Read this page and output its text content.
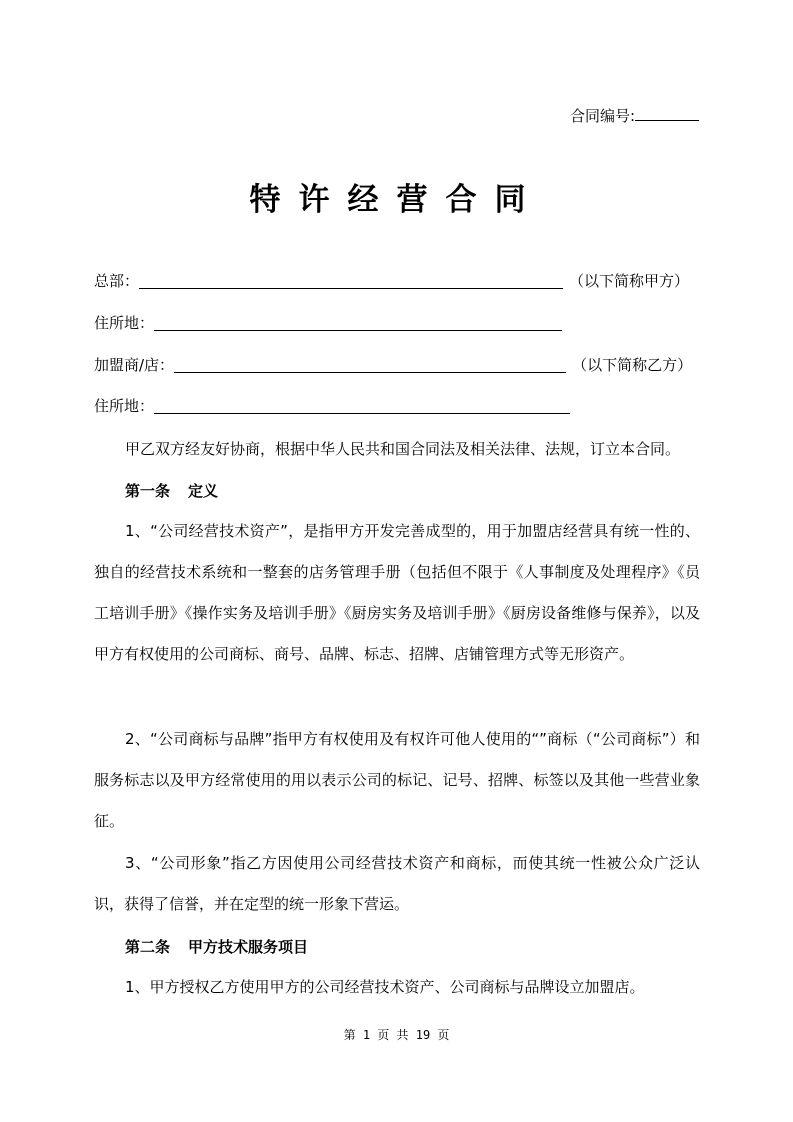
合同编号:
特许经营合同
总部：	（以下简称甲方）
住所地：
加盟商/店：	（以下简称乙方）
住所地：

甲乙双方经友好协商，根据中华人民共和国合同法及相关法律、法规，订立本合同。

第一条 定义

1、“公司经营技术资产”，是指甲方开发完善成型的，用于加盟店经营具有统一性的、独自的经营技术系统和一整套的店务管理手册（包括但不限于《人事制度及处理程序》《员工培训手册》《操作实务及培训手册》《厨房实务及培训手册》《厨房设备维修与保养》，以及甲方有权使用的公司商标、商号、品牌、标志、招牌、店铺管理方式等无形资产。

2、“公司商标与品牌”指甲方有权使用及有权许可他人使用的“”商标（“公司商标”）和服务标志以及甲方经常使用的用以表示公司的标记、记号、招牌、标签以及其他一些营业象征。

3、“公司形象”指乙方因使用公司经营技术资产和商标，而使其统一性被公众广泛认识，获得了信誉，并在定型的统一形象下营运。

第二条 甲方技术服务项目

1、甲方授权乙方使用甲方的公司经营技术资产、公司商标与品牌设立加盟店。

第 1 页 共 19 页
